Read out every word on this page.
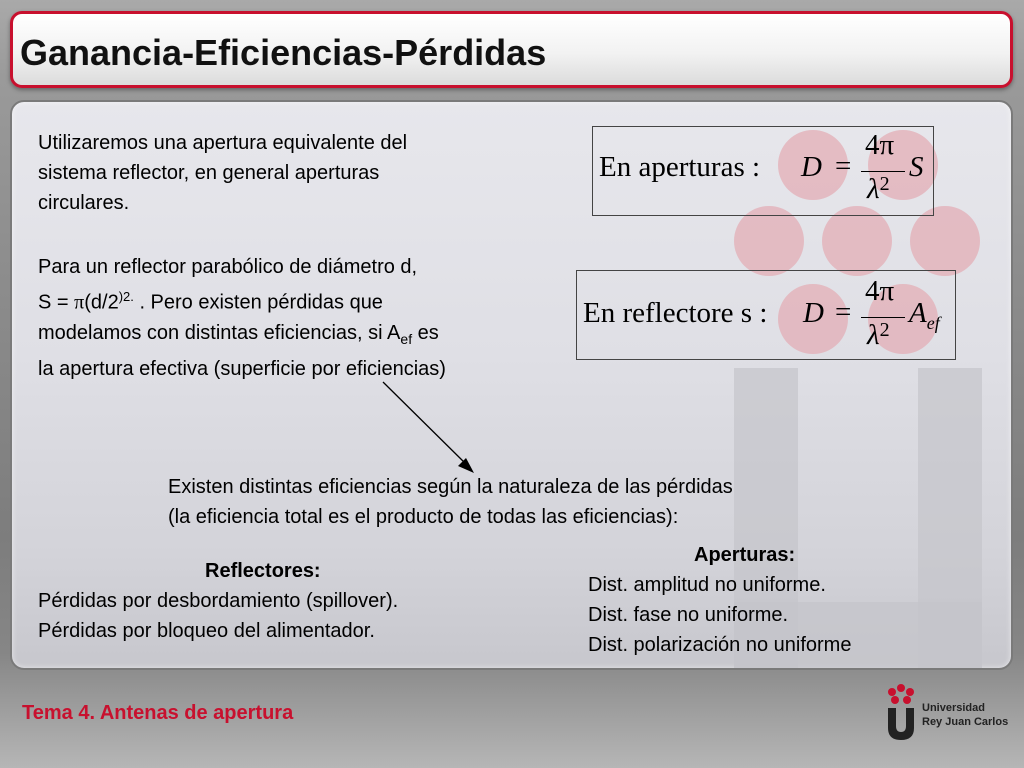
Ganancia-Eficiencias-Pérdidas
Utilizaremos una apertura equivalente del
sistema reflector, en general aperturas
circulares.
Para un reflector parabólico de diámetro d,
$S = \pi(d/2^{)2.}$ . Pero existen pérdidas que
modelamos con distintas eficiencias, si $A_{ef}$ es
la apertura efectiva (superficie por eficiencias)
En aperturas : D =
4π
$\lambda^2$
S
En reflectore s : D =
4π
$\lambda^2$
$A_{ef}$
Existen distintas eficiencias según la naturaleza de las pérdidas
(la eficiencia total es el producto de todas las eficiencias):
Reflectores:
Pérdidas por desbordamiento (spillover).
Pérdidas por bloqueo del alimentador.
Aperturas:
Dist. amplitud no uniforme.
Dist. fase no uniforme.
Dist. polarización no uniforme
Tema 4. Antenas de apertura	Universidad
Rey Juan Carlos
